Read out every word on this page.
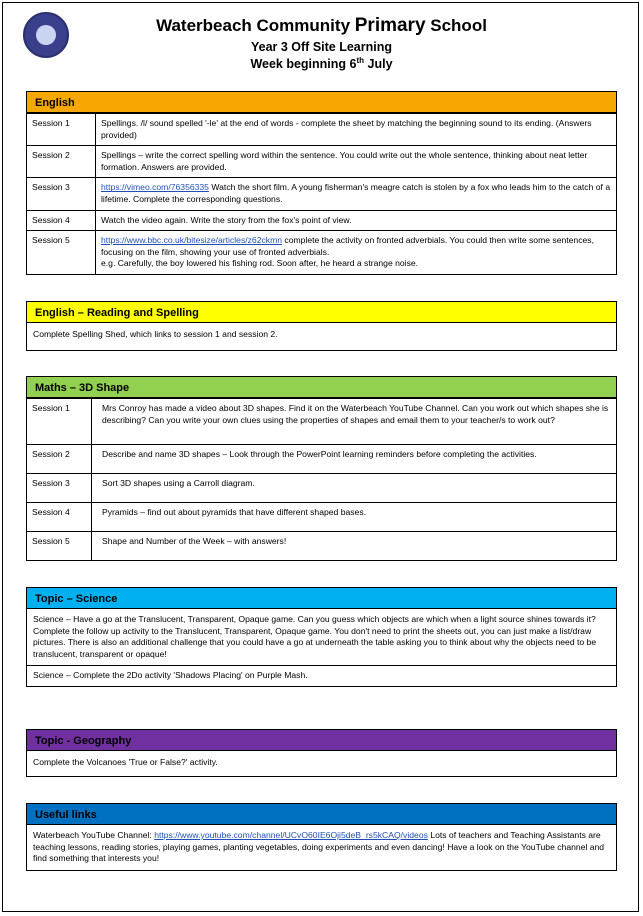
Waterbeach Community Primary School
Year 3 Off Site Learning
Week beginning 6th July
English
Session 1	Spellings. /l/ sound spelled '-le' at the end of words - complete the sheet by matching the beginning sound to its ending. (Answers provided)
Session 2	Spellings – write the correct spelling word within the sentence. You could write out the whole sentence, thinking about neat letter formation. Answers are provided.
Session 3	https://vimeo.com/76356335 Watch the short film. A young fisherman's meagre catch is stolen by a fox who leads him to the catch of a lifetime. Complete the corresponding questions.
Session 4	Watch the video again. Write the story from the fox's point of view.
Session 5	https://www.bbc.co.uk/bitesize/articles/z62ckmn complete the activity on fronted adverbials. You could then write some sentences, focusing on the film, showing your use of fronted adverbials.
e.g. Carefully, the boy lowered his fishing rod. Soon after, he heard a strange noise.
English – Reading and Spelling
Complete Spelling Shed, which links to session 1 and session 2.
Maths – 3D Shape
Session 1	Mrs Conroy has made a video about 3D shapes. Find it on the Waterbeach YouTube Channel. Can you work out which shapes she is describing? Can you write your own clues using the properties of shapes and email them to your teacher/s to work out?
Session 2	Describe and name 3D shapes – Look through the PowerPoint learning reminders before completing the activities.
Session 3	Sort 3D shapes using a Carroll diagram.
Session 4	Pyramids – find out about pyramids that have different shaped bases.
Session 5	Shape and Number of the Week – with answers!
Topic – Science
Science – Have a go at the Translucent, Transparent, Opaque game. Can you guess which objects are which when a light source shines towards it?
Complete the follow up activity to the Translucent, Transparent, Opaque game. You don't need to print the sheets out, you can just make a list/draw pictures. There is also an additional challenge that you could have a go at underneath the table asking you to think about why the objects need to be translucent, transparent or opaque!
Science – Complete the 2Do activity 'Shadows Placing' on Purple Mash.
Topic - Geography
Complete the Volcanoes 'True or False?' activity.
Useful links
Waterbeach YouTube Channel: https://www.youtube.com/channel/UCvO60IE6Oji5deB_rs5kCAQ/videos Lots of teachers and Teaching Assistants are teaching lessons, reading stories, playing games, planting vegetables, doing experiments and even dancing! Have a look on the YouTube channel and find something that interests you!
